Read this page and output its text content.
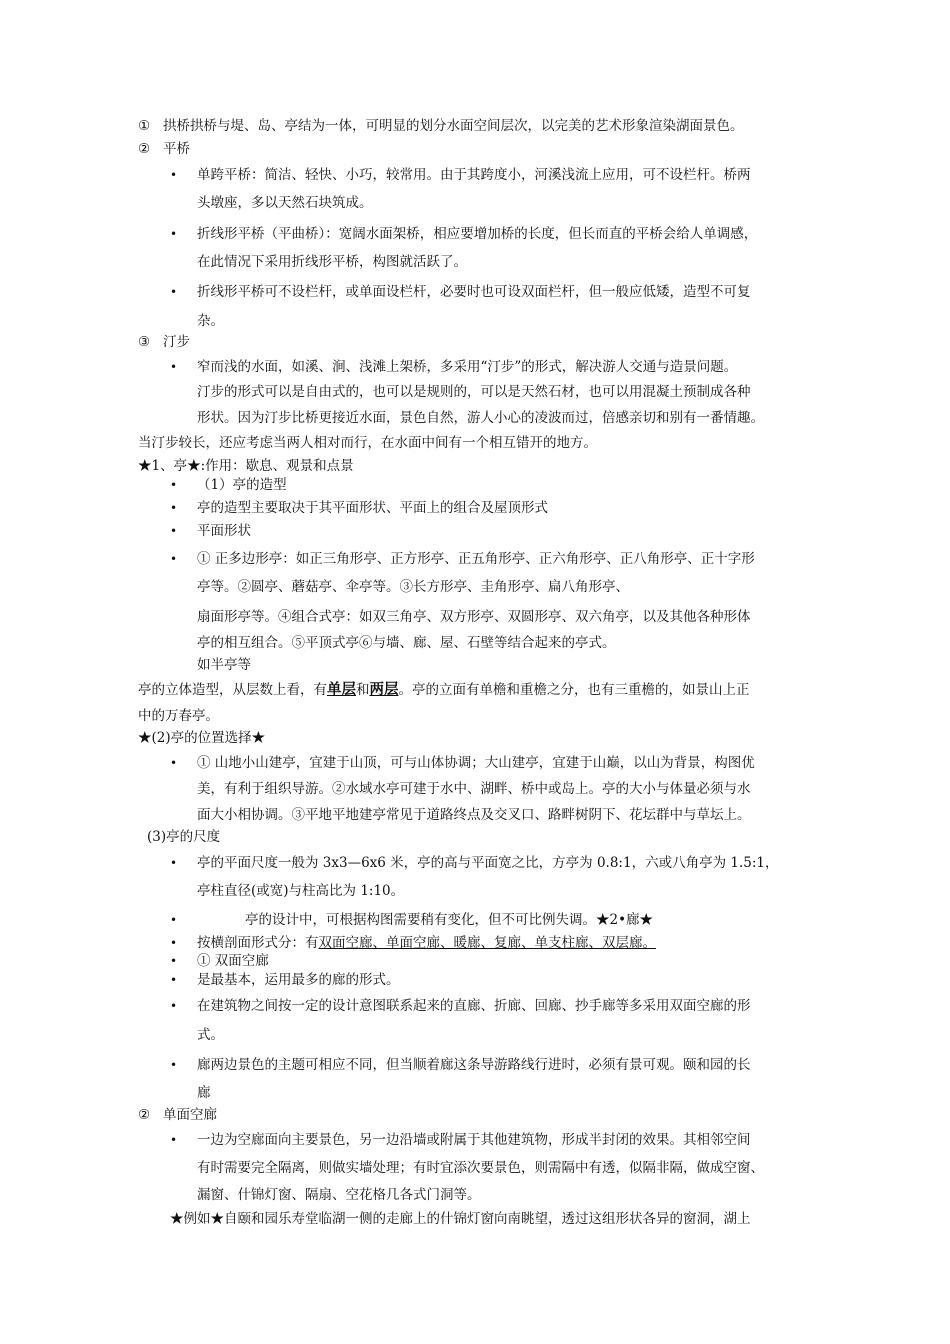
① 拱桥拱桥与堤、岛、亭结为一体，可明显的划分水面空间层次，以完美的艺术形象渲染湖面景色。
② 平桥
• 单跨平桥：简洁、轻快、小巧，较常用。由于其跨度小，河溪浅流上应用，可不设栏杆。桥两
头墩座，多以天然石块筑成。
• 折线形平桥（平曲桥）：宽阔水面架桥，相应要增加桥的长度，但长而直的平桥会给人单调感，
在此情况下采用折线形平桥，构图就活跃了。
• 折线形平桥可不设栏杆，或单面设栏杆，必要时也可设双面栏杆，但一般应低矮，造型不可复
杂。
③ 汀步
• 窄而浅的水面，如溪、涧、浅滩上架桥，多采用“汀步”的形式，解决游人交通与造景问题。
汀步的形式可以是自由式的，也可以是规则的，可以是天然石材，也可以用混凝土预制成各种
形状。因为汀步比桥更接近水面，景色自然，游人小心的凌波而过，倍感亲切和别有一番情趣。
当汀步较长，还应考虑当两人相对而行，在水面中间有一个相互错开的地方。
★1、亭★:作用：歇息、观景和点景
• （1）亭的造型
• 亭的造型主要取决于其平面形状、平面上的组合及屋顶形式
• 平面形状
• ① 正多边形亭：如正三角形亭、正方形亭、正五角形亭、正六角形亭、正八角形亭、正十字形
亭等。②圆亭、蘑菇亭、伞亭等。③长方形亭、圭角形亭、扁八角形亭、
扇面形亭等。④组合式亭：如双三角亭、双方形亭、双圆形亭、双六角亭，以及其他各种形体
亭的相互组合。⑤平顶式亭⑥与墙、廊、屋、石壁等结合起来的亭式。
如半亭等
亭的立体造型，从层数上看，有单层和两层。亭的立面有单檐和重檐之分，也有三重檐的，如景山上正
中的万春亭。
★(2)亭的位置选择★
• ① 山地小山建亭，宜建于山顶，可与山体协调；大山建亭，宜建于山巅，以山为背景，构图优
美，有利于组织导游。②水域水亭可建于水中、湖畔、桥中或岛上。亭的大小与体量必须与水
面大小相协调。③平地平地建亭常见于道路终点及交叉口、路畔树阴下、花坛群中与草坛上。
(3)亭的尺度
• 亭的平面尺度一般为 3x3—6x6 米，亭的高与平面宽之比，方亭为 0.8:1，六或八角亭为 1.5:1，
亭柱直径(或宽)与柱高比为 1:10。
•	亭的设计中，可根据构图需要稍有变化，但不可比例失调。★2•廊★
• 按横剖面形式分：有双面空廊、单面空廊、暖廊、复廊、单支柱廊、双层廊。
• ① 双面空廊
• 是最基本，运用最多的廊的形式。
• 在建筑物之间按一定的设计意图联系起来的直廊、折廊、回廊、抄手廊等多采用双面空廊的形
式。
• 廊两边景色的主题可相应不同，但当顺着廊这条导游路线行进时，必须有景可观。颐和园的长
廊
② 单面空廊
• 一边为空廊面向主要景色，另一边沿墙或附属于其他建筑物，形成半封闭的效果。其相邻空间
有时需要完全隔离，则做实墙处理；有时宜添次要景色，则需隔中有透，似隔非隔，做成空窗、
漏窗、什锦灯窗、隔扇、空花格几各式门洞等。
★例如★自颐和园乐寿堂临湖一侧的走廊上的什锦灯窗向南眺望，透过这组形状各异的窗洞，湖上
